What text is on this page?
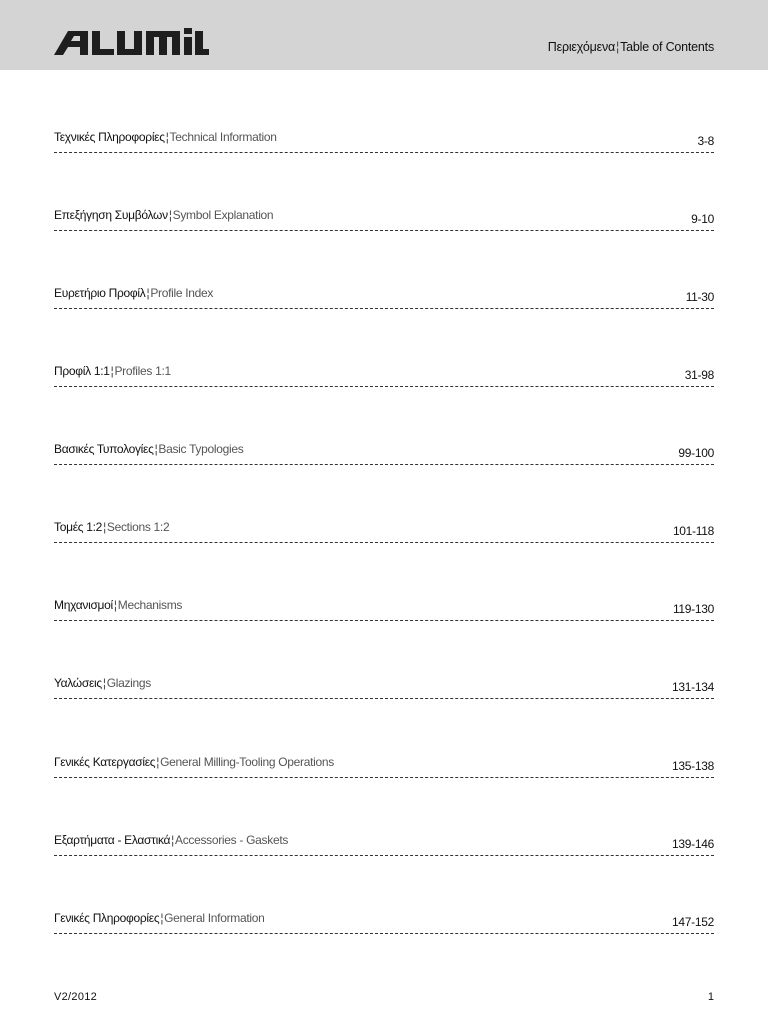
Περιεχόμενα¦Table of Contents
Τεχνικές Πληροφορίες¦Technical Information	3-8
Επεξήγηση Συμβόλων¦Symbol Explanation	9-10
Ευρετήριο Προφίλ¦Profile Index	11-30
Προφίλ 1:1¦Profiles 1:1	31-98
Βασικές Τυπολογίες¦Basic Typologies	99-100
Τομές 1:2¦Sections 1:2	101-118
Μηχανισμοί¦Mechanisms	119-130
Υαλώσεις¦Glazings	131-134
Γενικές Κατεργασίες¦General Milling-Tooling Operations	135-138
Εξαρτήματα - Ελαστικά¦Accessories - Gaskets	139-146
Γενικές Πληροφορίες¦General Information	147-152
V2/2012	1
